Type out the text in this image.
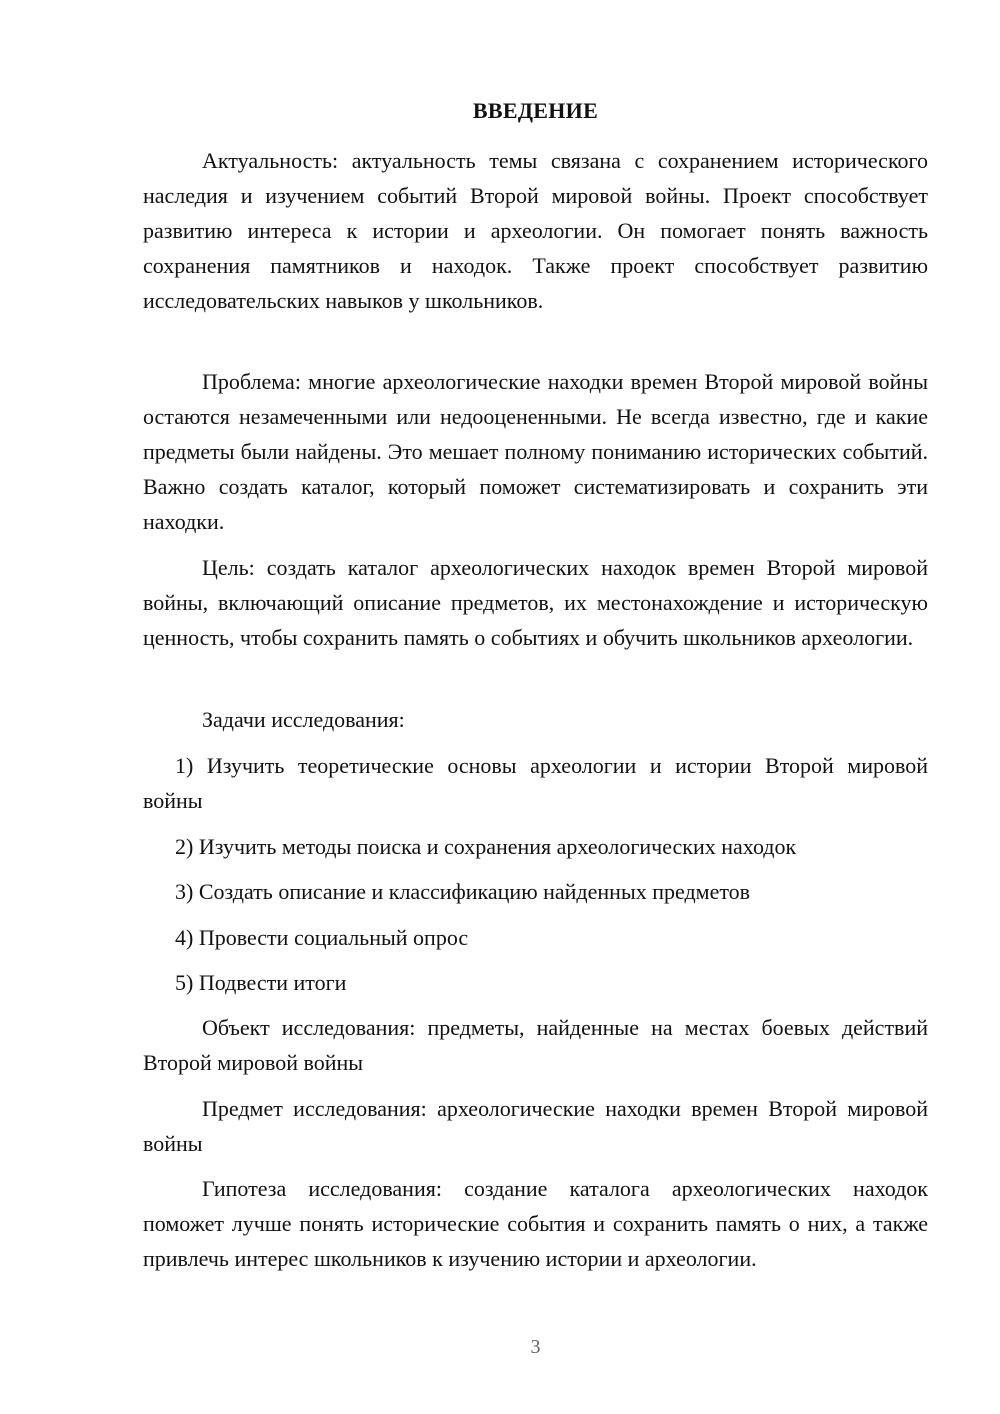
ВВЕДЕНИЕ
Актуальность: актуальность темы связана с сохранением исторического наследия и изучением событий Второй мировой войны. Проект способствует развитию интереса к истории и археологии. Он помогает понять важность сохранения памятников и находок. Также проект способствует развитию исследовательских навыков у школьников.
Проблема: многие археологические находки времен Второй мировой войны остаются незамеченными или недооцененными. Не всегда известно, где и какие предметы были найдены. Это мешает полному пониманию исторических событий. Важно создать каталог, который поможет систематизировать и сохранить эти находки.
Цель: создать каталог археологических находок времен Второй мировой войны, включающий описание предметов, их местонахождение и историческую ценность, чтобы сохранить память о событиях и обучить школьников археологии.
Задачи исследования:
1) Изучить теоретические основы археологии и истории Второй мировой войны
2) Изучить методы поиска и сохранения археологических находок
3) Создать описание и классификацию найденных предметов
4) Провести социальный опрос
5) Подвести итоги
Объект исследования: предметы, найденные на местах боевых действий Второй мировой войны
Предмет исследования: археологические находки времен Второй мировой войны
Гипотеза исследования: создание каталога археологических находок поможет лучше понять исторические события и сохранить память о них, а также привлечь интерес школьников к изучению истории и археологии.
3
